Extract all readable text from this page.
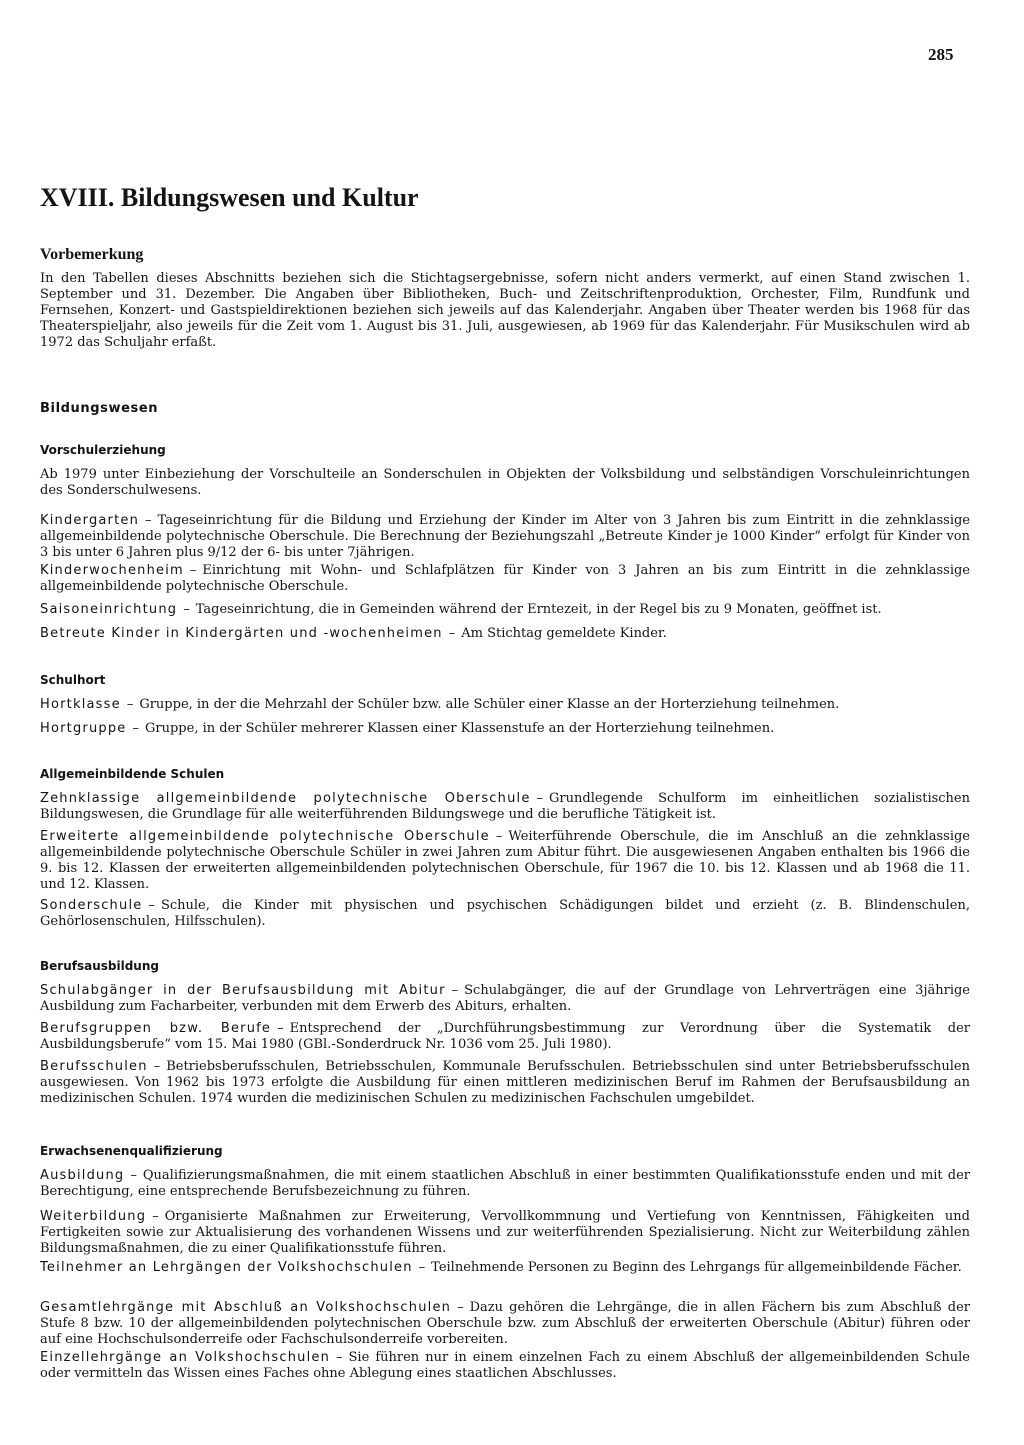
285
XVIII. Bildungswesen und Kultur
Vorbemerkung

In den Tabellen dieses Abschnitts beziehen sich die Stichtagsergebnisse, sofern nicht anders vermerkt, auf einen Stand zwischen 1. September und 31. Dezember. Die Angaben über Bibliotheken, Buch- und Zeitschriftenproduktion, Orchester, Film, Rundfunk und Fernsehen, Konzert- und Gastspieldirektionen beziehen sich jeweils auf das Kalenderjahr. Angaben über Theater werden bis 1968 für das Theaterspieljahr, also jeweils für die Zeit vom 1. August bis 31. Juli, ausgewiesen, ab 1969 für das Kalenderjahr. Für Musikschulen wird ab 1972 das Schuljahr erfaßt.

Bildungswesen
Vorschulerziehung

Ab 1979 unter Einbeziehung der Vorschulteile an Sonderschulen in Objekten der Volksbildung und selbständigen Vorschuleinrichtungen des Sonderschulwesens.

Kindergarten – Tageseinrichtung für die Bildung und Erziehung der Kinder im Alter von 3 Jahren bis zum Eintritt in die zehnklassige allgemeinbildende polytechnische Oberschule. Die Berechnung der Beziehungszahl „Betreute Kinder je 1000 Kinder“ erfolgt für Kinder von 3 bis unter 6 Jahren plus 9/12 der 6- bis unter 7jährigen.

Kinderwochenheim – Einrichtung mit Wohn- und Schlafplätzen für Kinder von 3 Jahren an bis zum Eintritt in die zehnklassige allgemeinbildende polytechnische Oberschule.

Saisoneinrichtung – Tageseinrichtung, die in Gemeinden während der Erntezeit, in der Regel bis zu 9 Monaten, geöffnet ist.

Betreute Kinder in Kindergärten und -wochenheimen – Am Stichtag gemeldete Kinder.

Schulhort

Hortklasse – Gruppe, in der die Mehrzahl der Schüler bzw. alle Schüler einer Klasse an der Horterziehung teilnehmen.

Hortgruppe – Gruppe, in der Schüler mehrerer Klassen einer Klassenstufe an der Horterziehung teilnehmen.

Allgemeinbildende Schulen

Zehnklassige allgemeinbildende polytechnische Oberschule – Grundlegende Schulform im einheitlichen sozialistischen Bildungswesen, die Grundlage für alle weiterführenden Bildungswege und die berufliche Tätigkeit ist.

Erweiterte allgemeinbildende polytechnische Oberschule – Weiterführende Oberschule, die im Anschluß an die zehnklassige allgemeinbildende polytechnische Oberschule Schüler in zwei Jahren zum Abitur führt. Die ausgewiesenen Angaben enthalten bis 1966 die 9. bis 12. Klassen der erweiterten allgemeinbildenden polytechnischen Oberschule, für 1967 die 10. bis 12. Klassen und ab 1968 die 11. und 12. Klassen.

Sonderschule – Schule, die Kinder mit physischen und psychischen Schädigungen bildet und erzieht (z. B. Blindenschulen, Gehörlosenschulen, Hilfsschulen).

Berufsausbildung

Schulabgänger in der Berufsausbildung mit Abitur – Schulabgänger, die auf der Grundlage von Lehrverträgen eine 3jährige Ausbildung zum Facharbeiter, verbunden mit dem Erwerb des Abiturs, erhalten.

Berufsgruppen bzw. Berufe – Entsprechend der „Durchführungsbestimmung zur Verordnung über die Systematik der Ausbildungsberufe“ vom 15. Mai 1980 (GBl.-Sonderdruck Nr. 1036 vom 25. Juli 1980).

Berufsschulen – Betriebsberufsschulen, Betriebsschulen, Kommunale Berufsschulen. Betriebsschulen sind unter Betriebsberufsschulen ausgewiesen. Von 1962 bis 1973 erfolgte die Ausbildung für einen mittleren medizinischen Beruf im Rahmen der Berufsausbildung an medizinischen Schulen. 1974 wurden die medizinischen Schulen zu medizinischen Fachschulen umgebildet.

Erwachsenenqualifizierung

Ausbildung – Qualifizierungsmaßnahmen, die mit einem staatlichen Abschluß in einer bestimmten Qualifikationsstufe enden und mit der Berechtigung, eine entsprechende Berufsbezeichnung zu führen.

Weiterbildung – Organisierte Maßnahmen zur Erweiterung, Vervollkommnung und Vertiefung von Kenntnissen, Fähigkeiten und Fertigkeiten sowie zur Aktualisierung des vorhandenen Wissens und zur weiterführenden Spezialisierung. Nicht zur Weiterbildung zählen Bildungsmaßnahmen, die zu einer Qualifikationsstufe führen.

Teilnehmer an Lehrgängen der Volkshochschulen – Teilnehmende Personen zu Beginn des Lehrgangs für allgemeinbildende Fächer.

Gesamtlehrgänge mit Abschluß an Volkshochschulen – Dazu gehören die Lehrgänge, die in allen Fächern bis zum Abschluß der Stufe 8 bzw. 10 der allgemeinbildenden polytechnischen Oberschule bzw. zum Abschluß der erweiterten Oberschule (Abitur) führen oder auf eine Hochschulsonderreife oder Fachschulsonderreife vorbereiten.

Einzellehrgänge an Volkshochschulen – Sie führen nur in einem einzelnen Fach zu einem Abschluß der allgemeinbildenden Schule oder vermitteln das Wissen eines Faches ohne Ablegung eines staatlichen Abschlusses.
